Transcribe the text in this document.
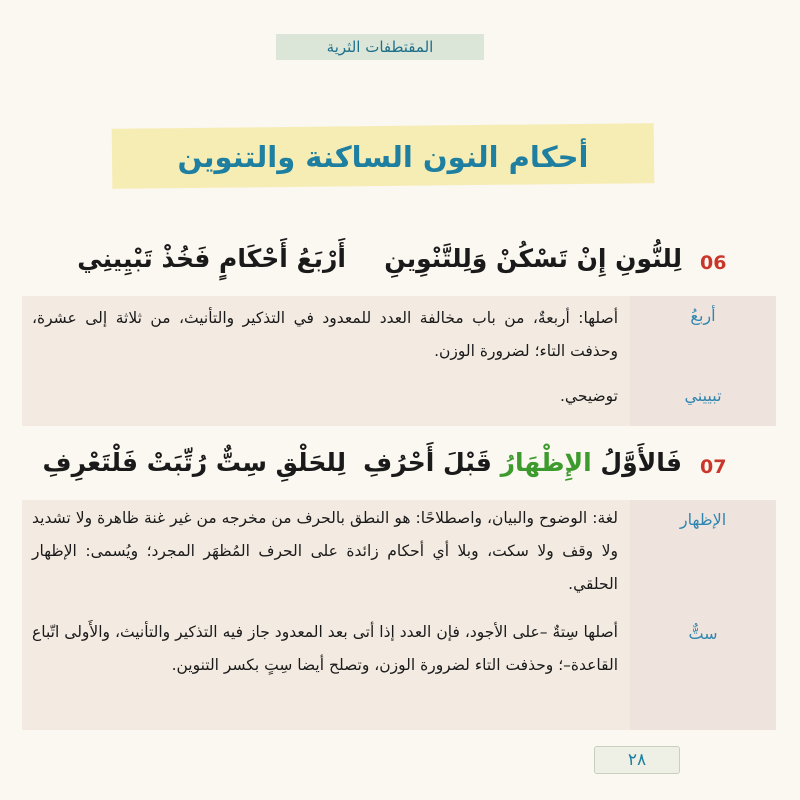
المقتطفات الثرية
أحكام النون الساكنة والتنوين
06
لِلنُّونِ إِنْ تَسْكُنْ وَلِلتَّنْوِينِ
أَرْبَعُ أَحْكَامٍ فَخُذْ تَبْيِينِي
أربعُ
أصلها: أربعةٌ، من باب مخالفة العدد للمعدود في التذكير والتأنيث، من ثلاثة إلى عشرة، وحذفت التاء؛ لضرورة الوزن.
تبييني
توضيحي.
07
فَالأَوَّلُ الإِظْهَارُ قَبْلَ أَحْرُفِ
لِلحَلْقِ سِتٌّ رُتِّبَتْ فَلْتَعْرِفِ
الإظهار
لغة: الوضوح والبيان، واصطلاحًا: هو النطق بالحرف من مخرجه من غير غنة ظاهرة ولا تشديد ولا وقف ولا سكت، وبلا أي أحكام زائدة على الحرف المُظهَر المجرد؛ ويُسمى: الإظهار الحلقي.
ستٌّ
أصلها سِتةٌ –على الأجود، فإن العدد إذا أتى بعد المعدود جاز فيه التذكير والتأنيث، والأَولى اتّباع القاعدة–؛ وحذفت التاء لضرورة الوزن، وتصلح أيضا سِتٍ بكسر التنوين.
٢٨
